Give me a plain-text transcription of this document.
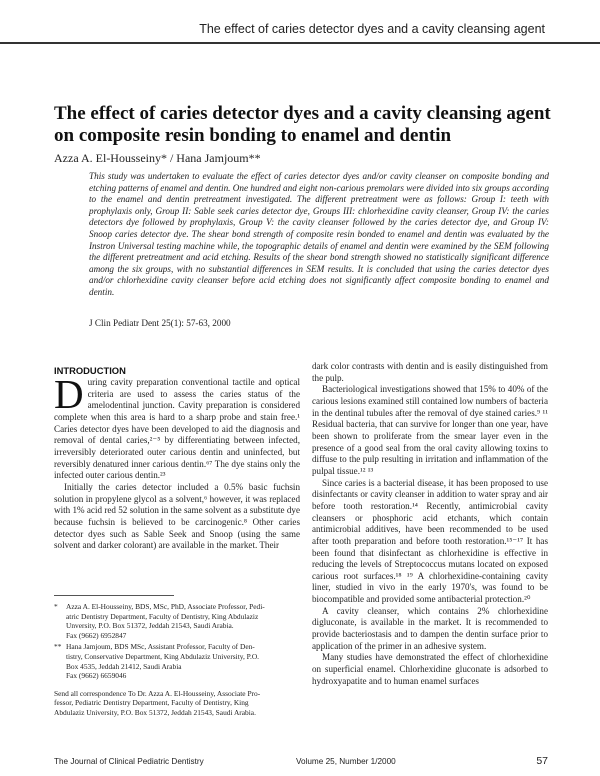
The effect of caries detector dyes and a cavity cleansing agent
The effect of caries detector dyes and a cavity cleansing agent on composite resin bonding to enamel and dentin
Azza A. El-Housseiny* / Hana Jamjoum**

This study was undertaken to evaluate the effect of caries detector dyes and/or cavity cleanser on composite bonding and etching patterns of enamel and dentin. One hundred and eight non-carious premolars were divided into six groups according to the enamel and dentin pretreatment investigated. The different pretreatment were as follows: Group I: teeth with prophylaxis only, Group II: Sable seek caries detector dye, Groups III: chlorhexidine cavity cleanser, Group IV: the caries detectors dye followed by prophylaxis, Group V: the cavity cleanser followed by the caries detector dye, and Group IV: Snoop caries detector dye. The shear bond strength of composite resin bonded to enamel and dentin was evaluated by the Instron Universal testing machine while, the topographic details of enamel and dentin were examined by the SEM following the different pretreatment and acid etching. Results of the shear bond strength showed no statistically significant difference among the six groups, with no substantial differences in SEM results. It is concluded that using the caries detector dyes and/or chlorhexidine cavity cleanser before acid etching does not significantly affect composite bonding to enamel and dentin.

J Clin Pediatr Dent 25(1): 57-63, 2000

INTRODUCTION

During cavity preparation conventional tactile and optical criteria are used to assess the caries status of the amelodentinal junction. Cavity preparation is considered complete when this area is hard to a sharp probe and stain free.¹ Caries detector dyes have been developed to aid the diagnosis and removal of dental caries,²⁻⁵ by differentiating between infected, irreversibly deteriorated outer carious dentin and uninfected, but reversibly denatured inner carious dentin.⁶⁷ The dye stains only the infected outer carious dentin.²³

Initially the caries detector included a 0.5% basic fuchsin solution in propylene glycol as a solvent,⁶ however, it was replaced with 1% acid red 52 solution in the same solvent as a substitute dye because fuchsin is believed to be carcinogenic.⁸ Other caries detector dyes such as Sable Seek and Snoop (using the same solvent and darker colorant) are available in the market. Their

dark color contrasts with dentin and is easily distinguished from the pulp.

Bacteriological investigations showed that 15% to 40% of the carious lesions examined still contained low numbers of bacteria in the dentinal tubules after the removal of dye stained caries.⁹ ¹¹ Residual bacteria, that can survive for longer than one year, have been shown to proliferate from the smear layer even in the presence of a good seal from the oral cavity allowing toxins to diffuse to the pulp resulting in irritation and inflammation of the pulpal tissue.¹² ¹³

Since caries is a bacterial disease, it has been proposed to use disinfectants or cavity cleanser in addition to water spray and air before tooth restoration.¹⁴ Recently, antimicrobial cavity cleansers or phosphoric acid etchants, which contain antimicrobial additives, have been recommended to be used after tooth preparation and before tooth restoration.¹⁵⁻¹⁷ It has been found that disinfectant as chlorhexidine is effective in reducing the levels of Streptococcus mutans located on exposed carious root surfaces.¹⁸ ¹⁹ A chlorhexidine-containing cavity liner, studied in vivo in the early 1970's, was found to be biocompatible and provided some antibacterial protection.²⁰

A cavity cleanser, which contains 2% chlorhexidine digluconate, is available in the market. It is recommended to provide bacteriostasis and to dampen the dentin surface prior to application of the primer in an adhesive system.

Many studies have demonstrated the effect of chlorhexidine on superficial enamel. Chlorhexidine gluconate is adsorbed to hydroxyapatite and to human enamel surfaces

*	Azza A. El-Housseiny, BDS, MSc, PhD, Associate Professor, Pedi-
atric Dentistry Department, Faculty of Dentistry, King Abdulaziz
Unversity, P.O. Box 51372, Jeddah 21543, Saudi Arabia.
Fax (9662) 6952847
** Hana Jamjoum, BDS MSc, Assistant Professor, Faculty of Den-
tistry, Conservative Department, King Abdulaziz University, P.O.
Box 4535, Jeddah 21412, Saudi Arabia
Fax (9662) 6659046
Send all correspondence To Dr. Azza A. El-Housseiny, Associate Pro-
fessor, Pediatric Dentistry Department, Faculty of Dentistry, King
Abdulaziz University, P.O. Box 51372, Jeddah 21543, Saudi Arabia.
The Journal of Clinical Pediatric Dentistry	Volume 25, Number 1/2000	57
